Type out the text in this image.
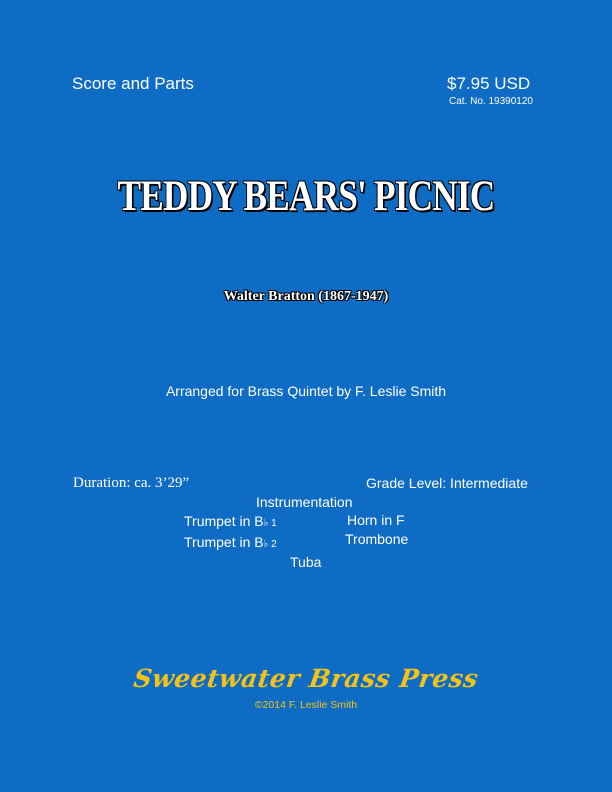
Score and Parts	$7.95 USD
Cat. No. 19390120
TEDDY BEARS' PICNIC
Walter Bratton (1867-1947)
Arranged for Brass Quintet by F. Leslie Smith
Duration: ca. 3’29”	Grade Level: Intermediate
Instrumentation
Trumpet in B♭ 1
Trumpet in B♭ 2
Horn in F
Trombone
Tuba
Sweetwater Brass Press
©2014 F. Leslie Smith
